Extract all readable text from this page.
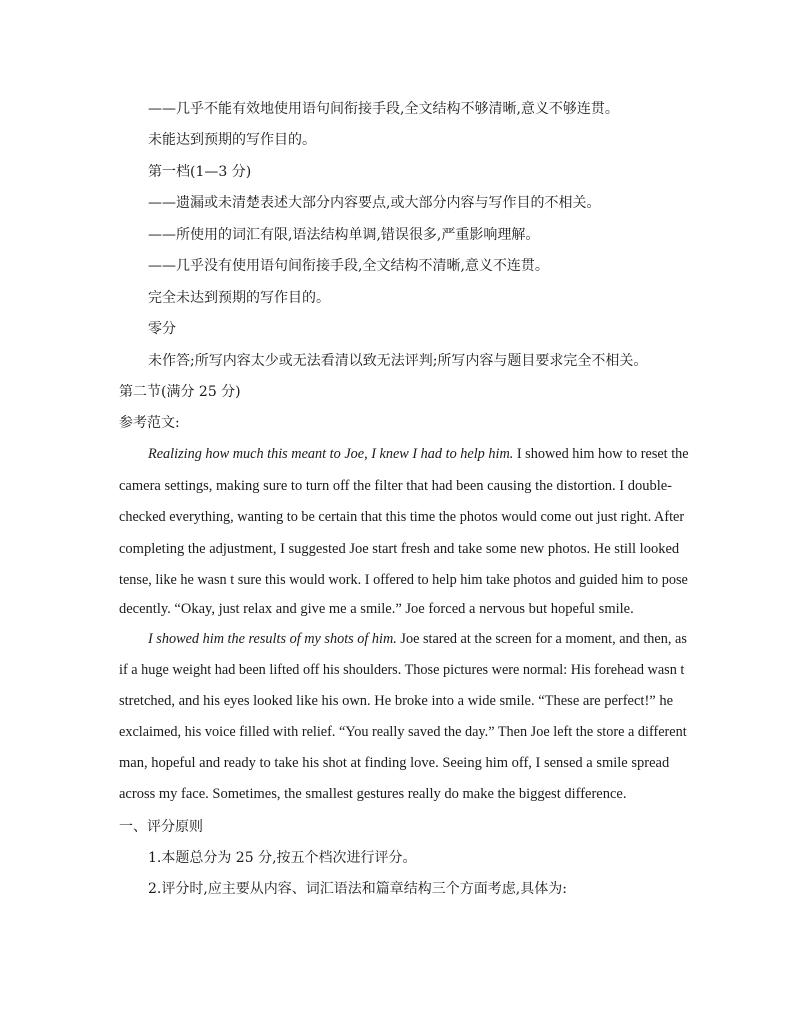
——几乎不能有效地使用语句间衔接手段,全文结构不够清晰,意义不够连贯。

未能达到预期的写作目的。

第一档(1—3 分)

——遗漏或未清楚表述大部分内容要点,或大部分内容与写作目的不相关。

——所使用的词汇有限,语法结构单调,错误很多,严重影响理解。

——几乎没有使用语句间衔接手段,全文结构不清晰,意义不连贯。

完全未达到预期的写作目的。

零分

未作答;所写内容太少或无法看清以致无法评判;所写内容与题目要求完全不相关。

第二节(满分 25 分)

参考范文:

Realizing how much this meant to Joe, I knew I had to help him. I showed him how to reset the

camera settings, making sure to turn off the filter that had been causing the distortion. I double-

checked everything, wanting to be certain that this time the photos would come out just right. After

completing the adjustment, I suggested Joe start fresh and take some new photos. He still looked

tense, like he wasn t sure this would work. I offered to help him take photos and guided him to pose

decently. “Okay, just relax and give me a smile.” Joe forced a nervous but hopeful smile.

I showed him the results of my shots of him. Joe stared at the screen for a moment, and then, as

if a huge weight had been lifted off his shoulders. Those pictures were normal: His forehead wasn t

stretched, and his eyes looked like his own. He broke into a wide smile. “These are perfect!” he

exclaimed, his voice filled with relief. “You really saved the day.” Then Joe left the store a different

man, hopeful and ready to take his shot at finding love. Seeing him off, I sensed a smile spread

across my face. Sometimes, the smallest gestures really do make the biggest difference.

一、评分原则

1.本题总分为 25 分,按五个档次进行评分。

2.评分时,应主要从内容、词汇语法和篇章结构三个方面考虑,具体为:
